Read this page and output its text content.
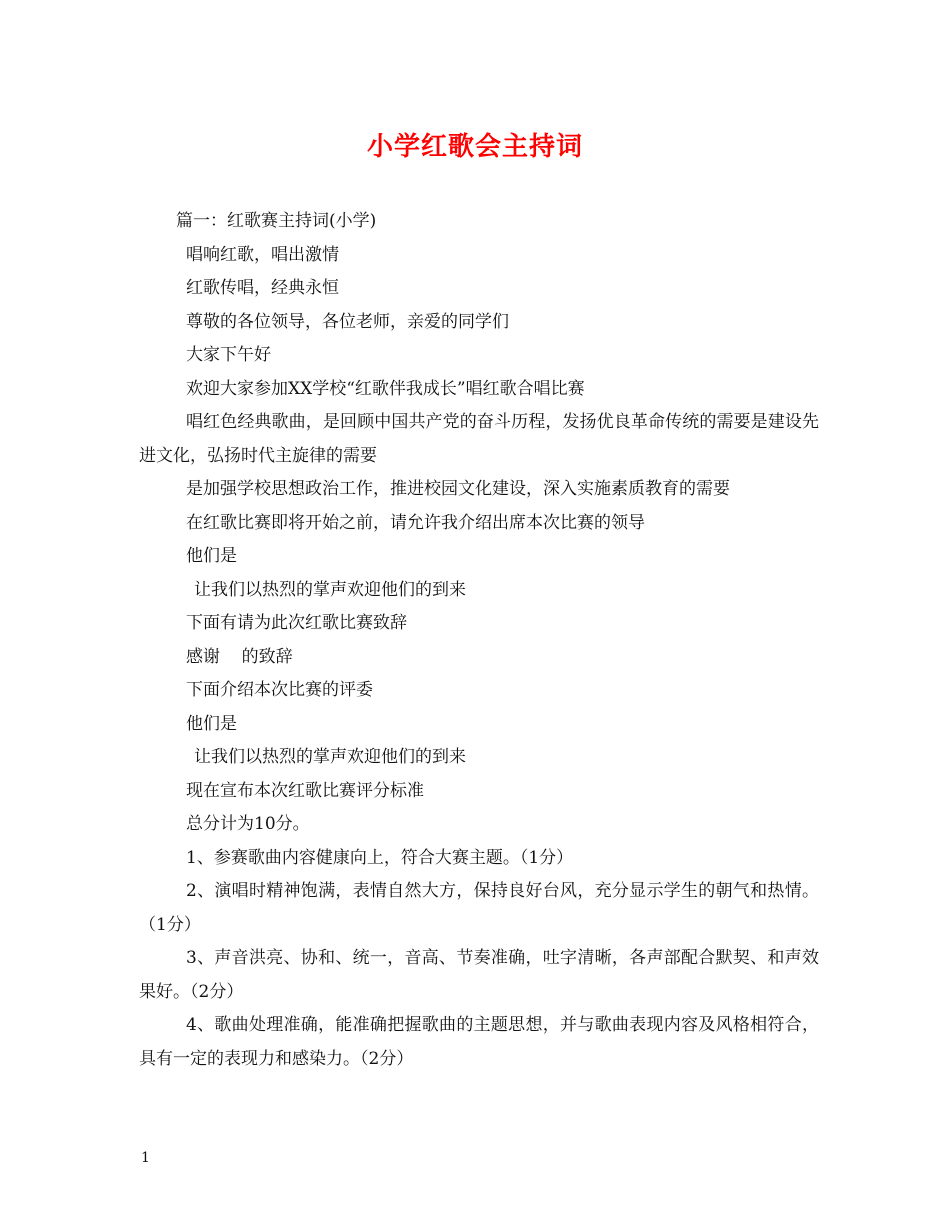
小学红歌会主持词

篇一：红歌赛主持词(小学)

唱响红歌，唱出激情

红歌传唱，经典永恒

尊敬的各位领导，各位老师，亲爱的同学们

大家下午好

欢迎大家参加XX学校“红歌伴我成长”唱红歌合唱比赛

唱红色经典歌曲，是回顾中国共产党的奋斗历程，发扬优良革命传统的需要是建设先进文化，弘扬时代主旋律的需要

是加强学校思想政治工作，推进校园文化建设，深入实施素质教育的需要

在红歌比赛即将开始之前，请允许我介绍出席本次比赛的领导

他们是

让我们以热烈的掌声欢迎他们的到来

下面有请为此次红歌比赛致辞

感谢    的致辞

下面介绍本次比赛的评委

他们是

让我们以热烈的掌声欢迎他们的到来

现在宣布本次红歌比赛评分标准

总分计为10分。

1、参赛歌曲内容健康向上，符合大赛主题。（1分）

2、演唱时精神饱满，表情自然大方，保持良好台风，充分显示学生的朝气和热情。（1分）

3、声音洪亮、协和、统一，音高、节奏准确，吐字清晰，各声部配合默契、和声效果好。（2分）

4、歌曲处理准确，能准确把握歌曲的主题思想，并与歌曲表现内容及风格相符合，具有一定的表现力和感染力。（2分）

1
